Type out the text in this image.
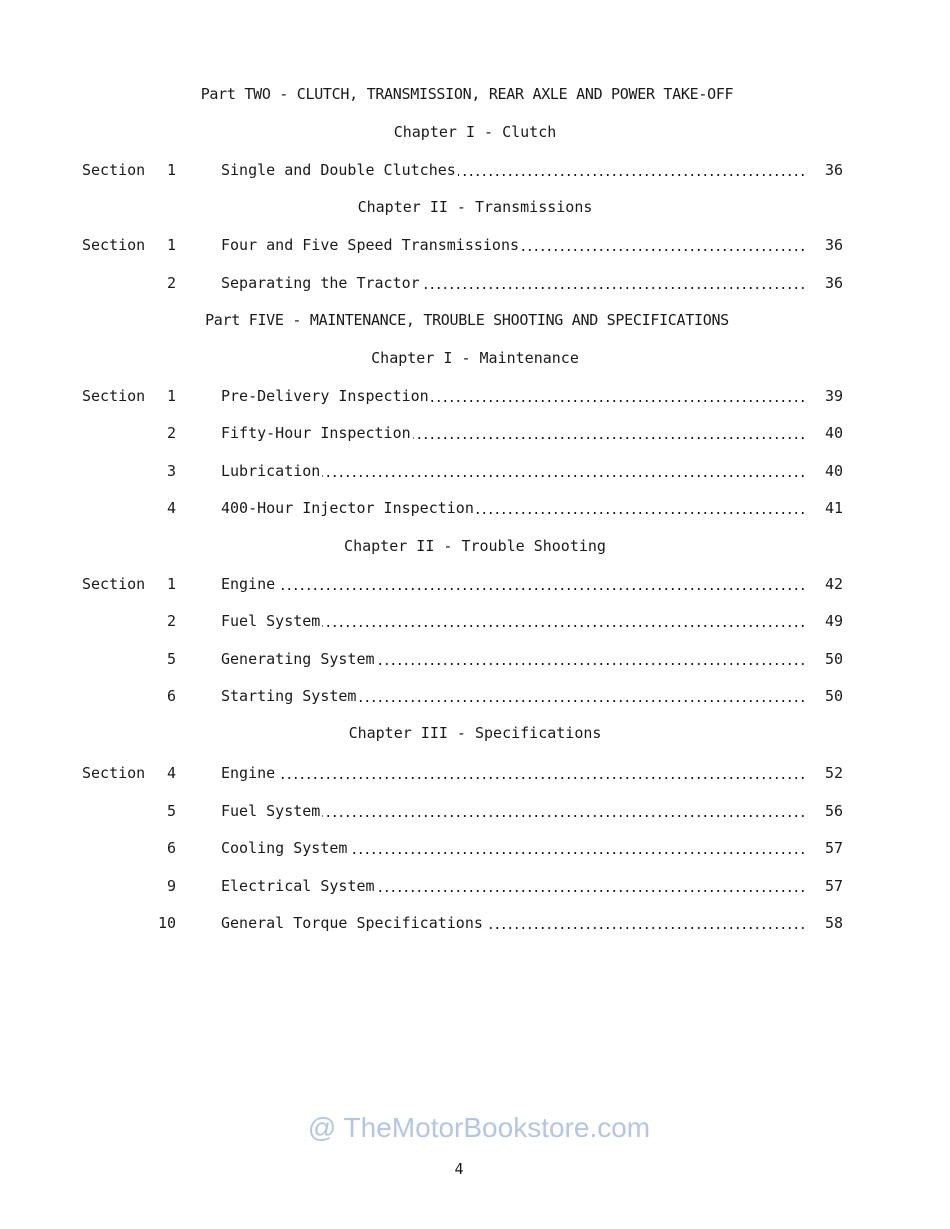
Part TWO - CLUTCH, TRANSMISSION, REAR AXLE AND POWER TAKE-OFF
Chapter I - Clutch
Section	1	Single and Double Clutches	36
Chapter II - Transmissions
Section	1	Four and Five Speed Transmissions	36
2	Separating the Tractor	36
Part FIVE - MAINTENANCE, TROUBLE SHOOTING AND SPECIFICATIONS
Chapter I - Maintenance
Section	1	Pre-Delivery Inspection	39
2	Fifty-Hour Inspection	40
3	Lubrication	40
4	400-Hour Injector Inspection	41
Chapter II - Trouble Shooting
Section	1	Engine	42
2	Fuel System	49
5	Generating System	50
6	Starting System	50
Chapter III - Specifications
Section	4	Engine	52
5	Fuel System	56
6	Cooling System	57
9	Electrical System	57
10	General Torque Specifications	58
@ TheMotorBookstore.com
4
